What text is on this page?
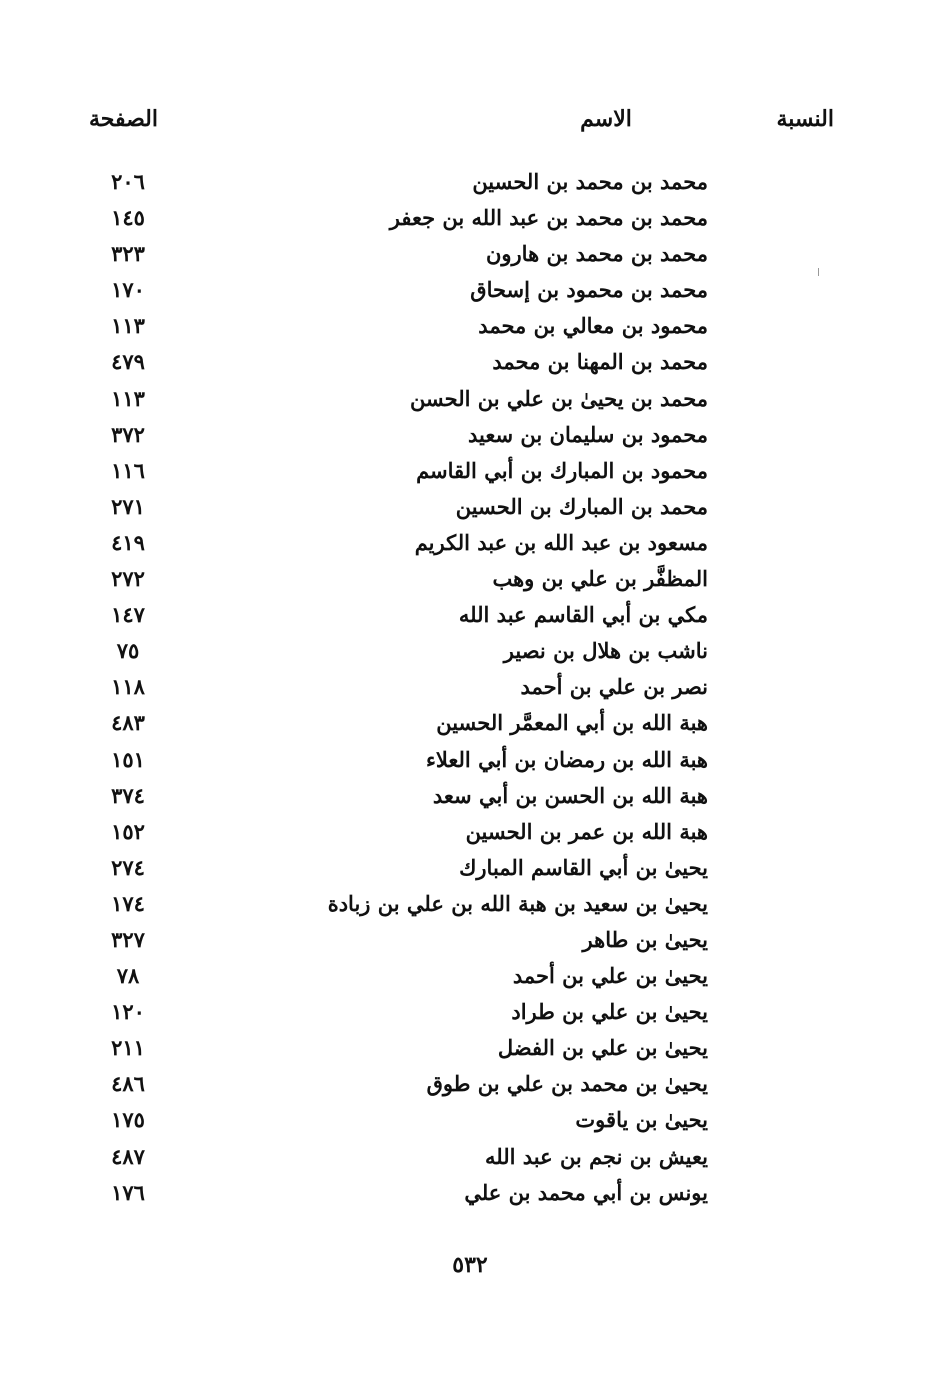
النسبة
الاسم
الصفحة
محمد بن محمد بن الحسين
٢٠٦
محمد بن محمد بن عبد الله بن جعفر
١٤٥
محمد بن محمد بن هارون
٣٢٣
محمد بن محمود بن إسحاق
١٧٠
محمود بن معالي بن محمد
١١٣
محمد بن المهنا بن محمد
٤٧٩
محمد بن يحيىٰ بن علي بن الحسن
١١٣
محمود بن سليمان بن سعيد
٣٧٢
محمود بن المبارك بن أبي القاسم
١١٦
محمد بن المبارك بن الحسين
٢٧١
مسعود بن عبد الله بن عبد الكريم
٤١٩
المظفَّر بن علي بن وهب
٢٧٢
مكي بن أبي القاسم عبد الله
١٤٧
ناشب بن هلال بن نصير
٧٥
نصر بن علي بن أحمد
١١٨
هبة الله بن أبي المعمَّر الحسين
٤٨٣
هبة الله بن رمضان بن أبي العلاء
١٥١
هبة الله بن الحسن بن أبي سعد
٣٧٤
هبة الله بن عمر بن الحسين
١٥٢
يحيىٰ بن أبي القاسم المبارك
٢٧٤
يحيىٰ بن سعيد بن هبة الله بن علي بن زبادة
١٧٤
يحيىٰ بن طاهر
٣٢٧
يحيىٰ بن علي بن أحمد
٧٨
يحيىٰ بن علي بن طراد
١٢٠
يحيىٰ بن علي بن الفضل
٢١١
يحيىٰ بن محمد بن علي بن طوق
٤٨٦
يحيىٰ بن ياقوت
١٧٥
يعيش بن نجم بن عبد الله
٤٨٧
يونس بن أبي محمد بن علي
١٧٦
٥٣٢
